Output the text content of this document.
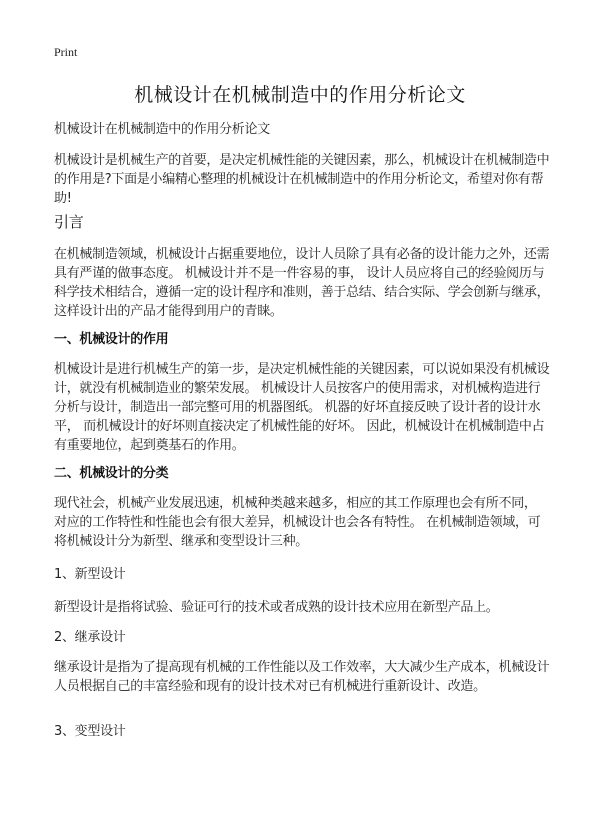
Print
机械设计在机械制造中的作用分析论文

机械设计在机械制造中的作用分析论文

机械设计是机械生产的首要，是决定机械性能的关键因素，那么，机械设计在机械制造中的作用是?下面是小编精心整理的机械设计在机械制造中的作用分析论文，希望对你有帮助!

引言

在机械制造领域，机械设计占据重要地位，设计人员除了具有必备的设计能力之外，还需具有严谨的做事态度。 机械设计并不是一件容易的事， 设计人员应将自己的经验阅历与科学技术相结合，遵循一定的设计程序和准则，善于总结、结合实际、学会创新与继承，这样设计出的产品才能得到用户的青睐。

一、机械设计的作用

机械设计是进行机械生产的第一步，是决定机械性能的关键因素，可以说如果没有机械设计，就没有机械制造业的繁荣发展。 机械设计人员按客户的使用需求，对机械构造进行分析与设计，制造出一部完整可用的机器图纸。 机器的好坏直接反映了设计者的设计水平， 而机械设计的好坏则直接决定了机械性能的好坏。 因此，机械设计在机械制造中占有重要地位，起到奠基石的作用。

二、机械设计的分类

现代社会，机械产业发展迅速，机械种类越来越多，相应的其工作原理也会有所不同， 对应的工作特性和性能也会有很大差异，机械设计也会各有特性。 在机械制造领域，可将机械设计分为新型、继承和变型设计三种。

1、新型设计

新型设计是指将试验、验证可行的技术或者成熟的设计技术应用在新型产品上。

2、继承设计

继承设计是指为了提高现有机械的工作性能以及工作效率，大大减少生产成本，机械设计人员根据自己的丰富经验和现有的设计技术对已有机械进行重新设计、改造。

3、变型设计
